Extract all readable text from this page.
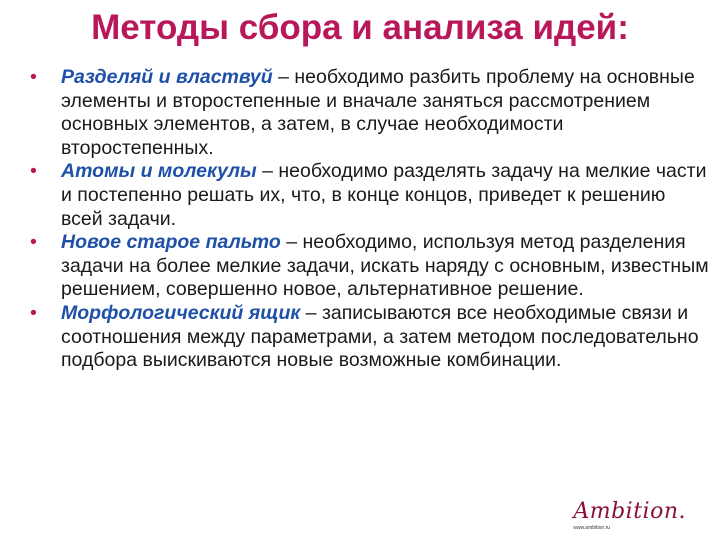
Методы сбора и анализа идей:
•	Разделяй и властвуй – необходимо разбить проблему на основные элементы и второстепенные и вначале заняться рассмотрением основных элементов, а затем, в случае необходимости второстепенных.
•	Атомы и молекулы – необходимо разделять задачу на мелкие части и постепенно решать их, что, в конце концов, приведет к решению всей задачи.
•	Новое старое пальто – необходимо, используя метод разделения задачи на более мелкие задачи, искать наряду с основным, известным решением, совершенно новое, альтернативное решение.
•	Морфологический ящик – записываются все необходимые связи и соотношения между параметрами, а затем методом последовательно подбора выискиваются новые возможные комбинации.
Ambition.
www.ambition.ru
